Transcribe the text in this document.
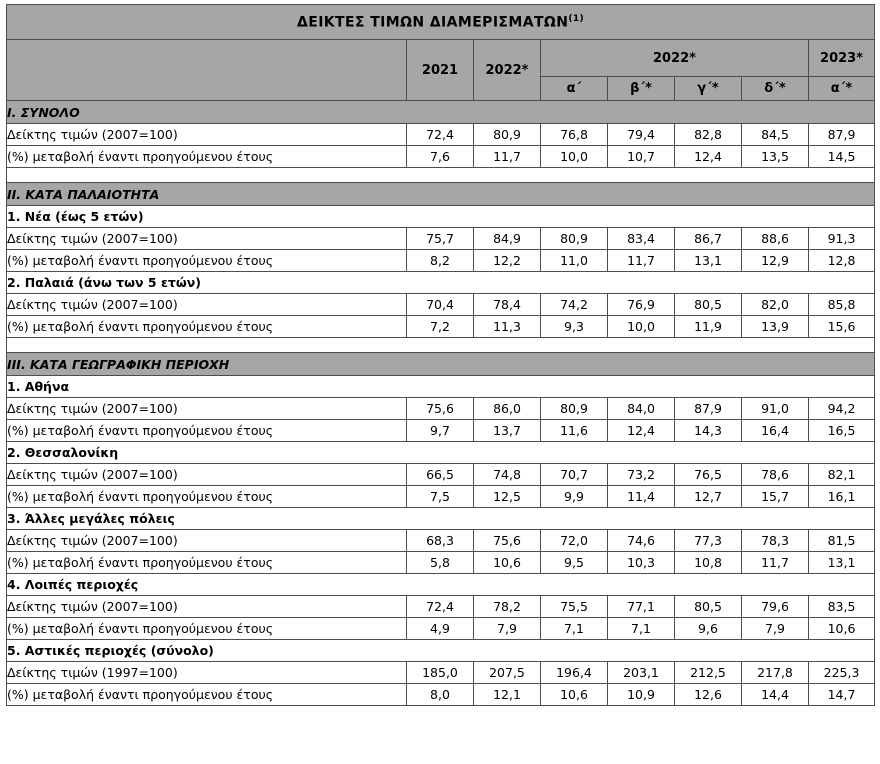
ΔΕΙΚΤΕΣ ΤΙΜΩΝ ΔΙΑΜΕΡΙΣΜΑΤΩΝ$^{(1)}$
	2021	2022*	2022*				2023*
			α΄	β΄*	γ΄*	δ΄*	α΄*
Ι. ΣΥΝΟΛΟ							
Δείκτης τιμών (2007=100)	72,4	80,9	76,8	79,4	82,8	84,5	87,9
(%) μεταβολή έναντι προηγούμενου έτους	7,6	11,7	10,0	10,7	12,4	13,5	14,5

ΙΙ. ΚΑΤΑ ΠΑΛΑΙΟΤΗΤΑ							
1. Νέα (έως 5 ετών)							
Δείκτης τιμών (2007=100)	75,7	84,9	80,9	83,4	86,7	88,6	91,3
(%) μεταβολή έναντι προηγούμενου έτους	8,2	12,2	11,0	11,7	13,1	12,9	12,8
2. Παλαιά (άνω των 5 ετών)							
Δείκτης τιμών (2007=100)	70,4	78,4	74,2	76,9	80,5	82,0	85,8
(%) μεταβολή έναντι προηγούμενου έτους	7,2	11,3	9,3	10,0	11,9	13,9	15,6

ΙΙΙ. ΚΑΤΑ ΓΕΩΓΡΑΦΙΚΗ ΠΕΡΙΟΧΗ							
1. Αθήνα							
Δείκτης τιμών (2007=100)	75,6	86,0	80,9	84,0	87,9	91,0	94,2
(%) μεταβολή έναντι προηγούμενου έτους	9,7	13,7	11,6	12,4	14,3	16,4	16,5
2. Θεσσαλονίκη							
Δείκτης τιμών (2007=100)	66,5	74,8	70,7	73,2	76,5	78,6	82,1
(%) μεταβολή έναντι προηγούμενου έτους	7,5	12,5	9,9	11,4	12,7	15,7	16,1
3. Άλλες μεγάλες πόλεις							
Δείκτης τιμών (2007=100)	68,3	75,6	72,0	74,6	77,3	78,3	81,5
(%) μεταβολή έναντι προηγούμενου έτους	5,8	10,6	9,5	10,3	10,8	11,7	13,1
4. Λοιπές περιοχές							
Δείκτης τιμών (2007=100)	72,4	78,2	75,5	77,1	80,5	79,6	83,5
(%) μεταβολή έναντι προηγούμενου έτους	4,9	7,9	7,1	7,1	9,6	7,9	10,6
5. Αστικές περιοχές (σύνολο)							
Δείκτης τιμών (1997=100)	185,0	207,5	196,4	203,1	212,5	217,8	225,3
(%) μεταβολή έναντι προηγούμενου έτους	8,0	12,1	10,6	10,9	12,6	14,4	14,7
